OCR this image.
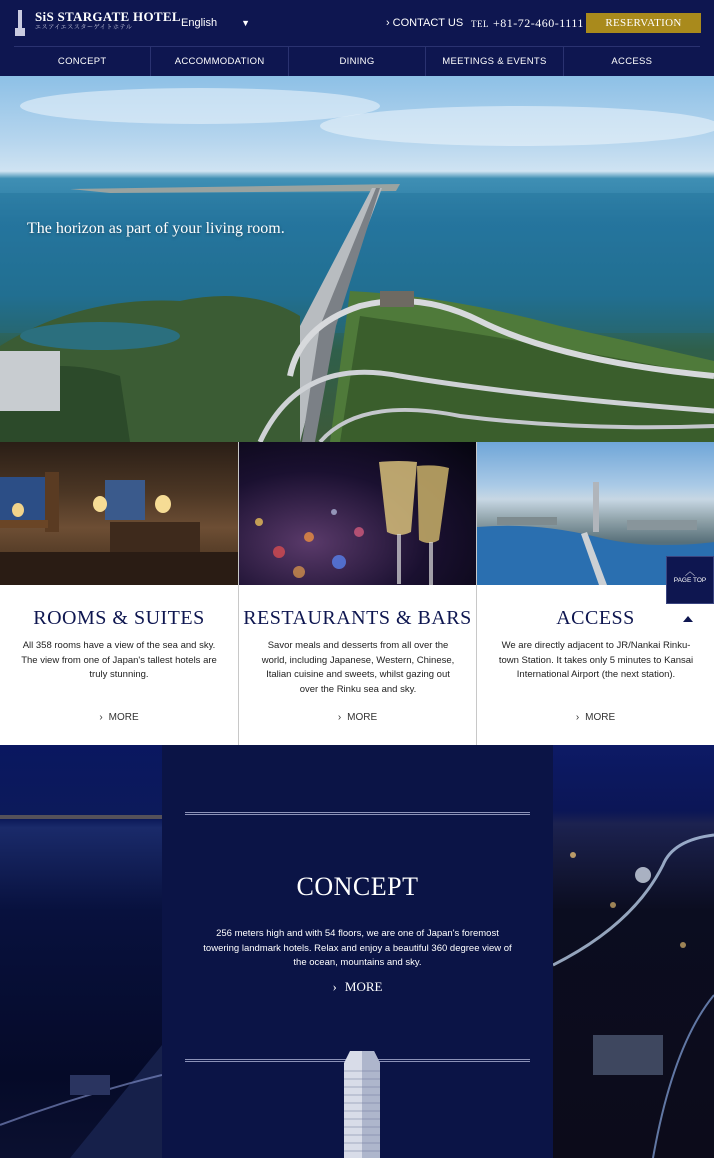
SiS STARGATE HOTEL
エスアイエススターゲイトホテル	English	▼	› CONTACT US TEL +81-72-460-1111	RESERVATION
CONCEPT	ACCOMMODATION	DINING	MEETINGS & EVENTS	ACCESS
The horizon as part of your living room.
ROOMS & SUITES
All 358 rooms have a view of the sea and sky. The view from one of Japan's tallest hotels are truly stunning.
› MORE
RESTAURANTS & BARS
Savor meals and desserts from all over the world, including Japanese, Western, Chinese, Italian cuisine and sweets, whilst gazing out over the Rinku sea and sky.
› MORE
ACCESS
We are directly adjacent to JR/Nankai Rinku-town Station. It takes only 5 minutes to Kansai International Airport (the next station).
› MORE
︿
PAGE TOP
CONCEPT
256 meters high and with 54 floors, we are one of Japan's foremost towering landmark hotels. Relax and enjoy a beautiful 360 degree view of the ocean, mountains and sky.
› MORE
